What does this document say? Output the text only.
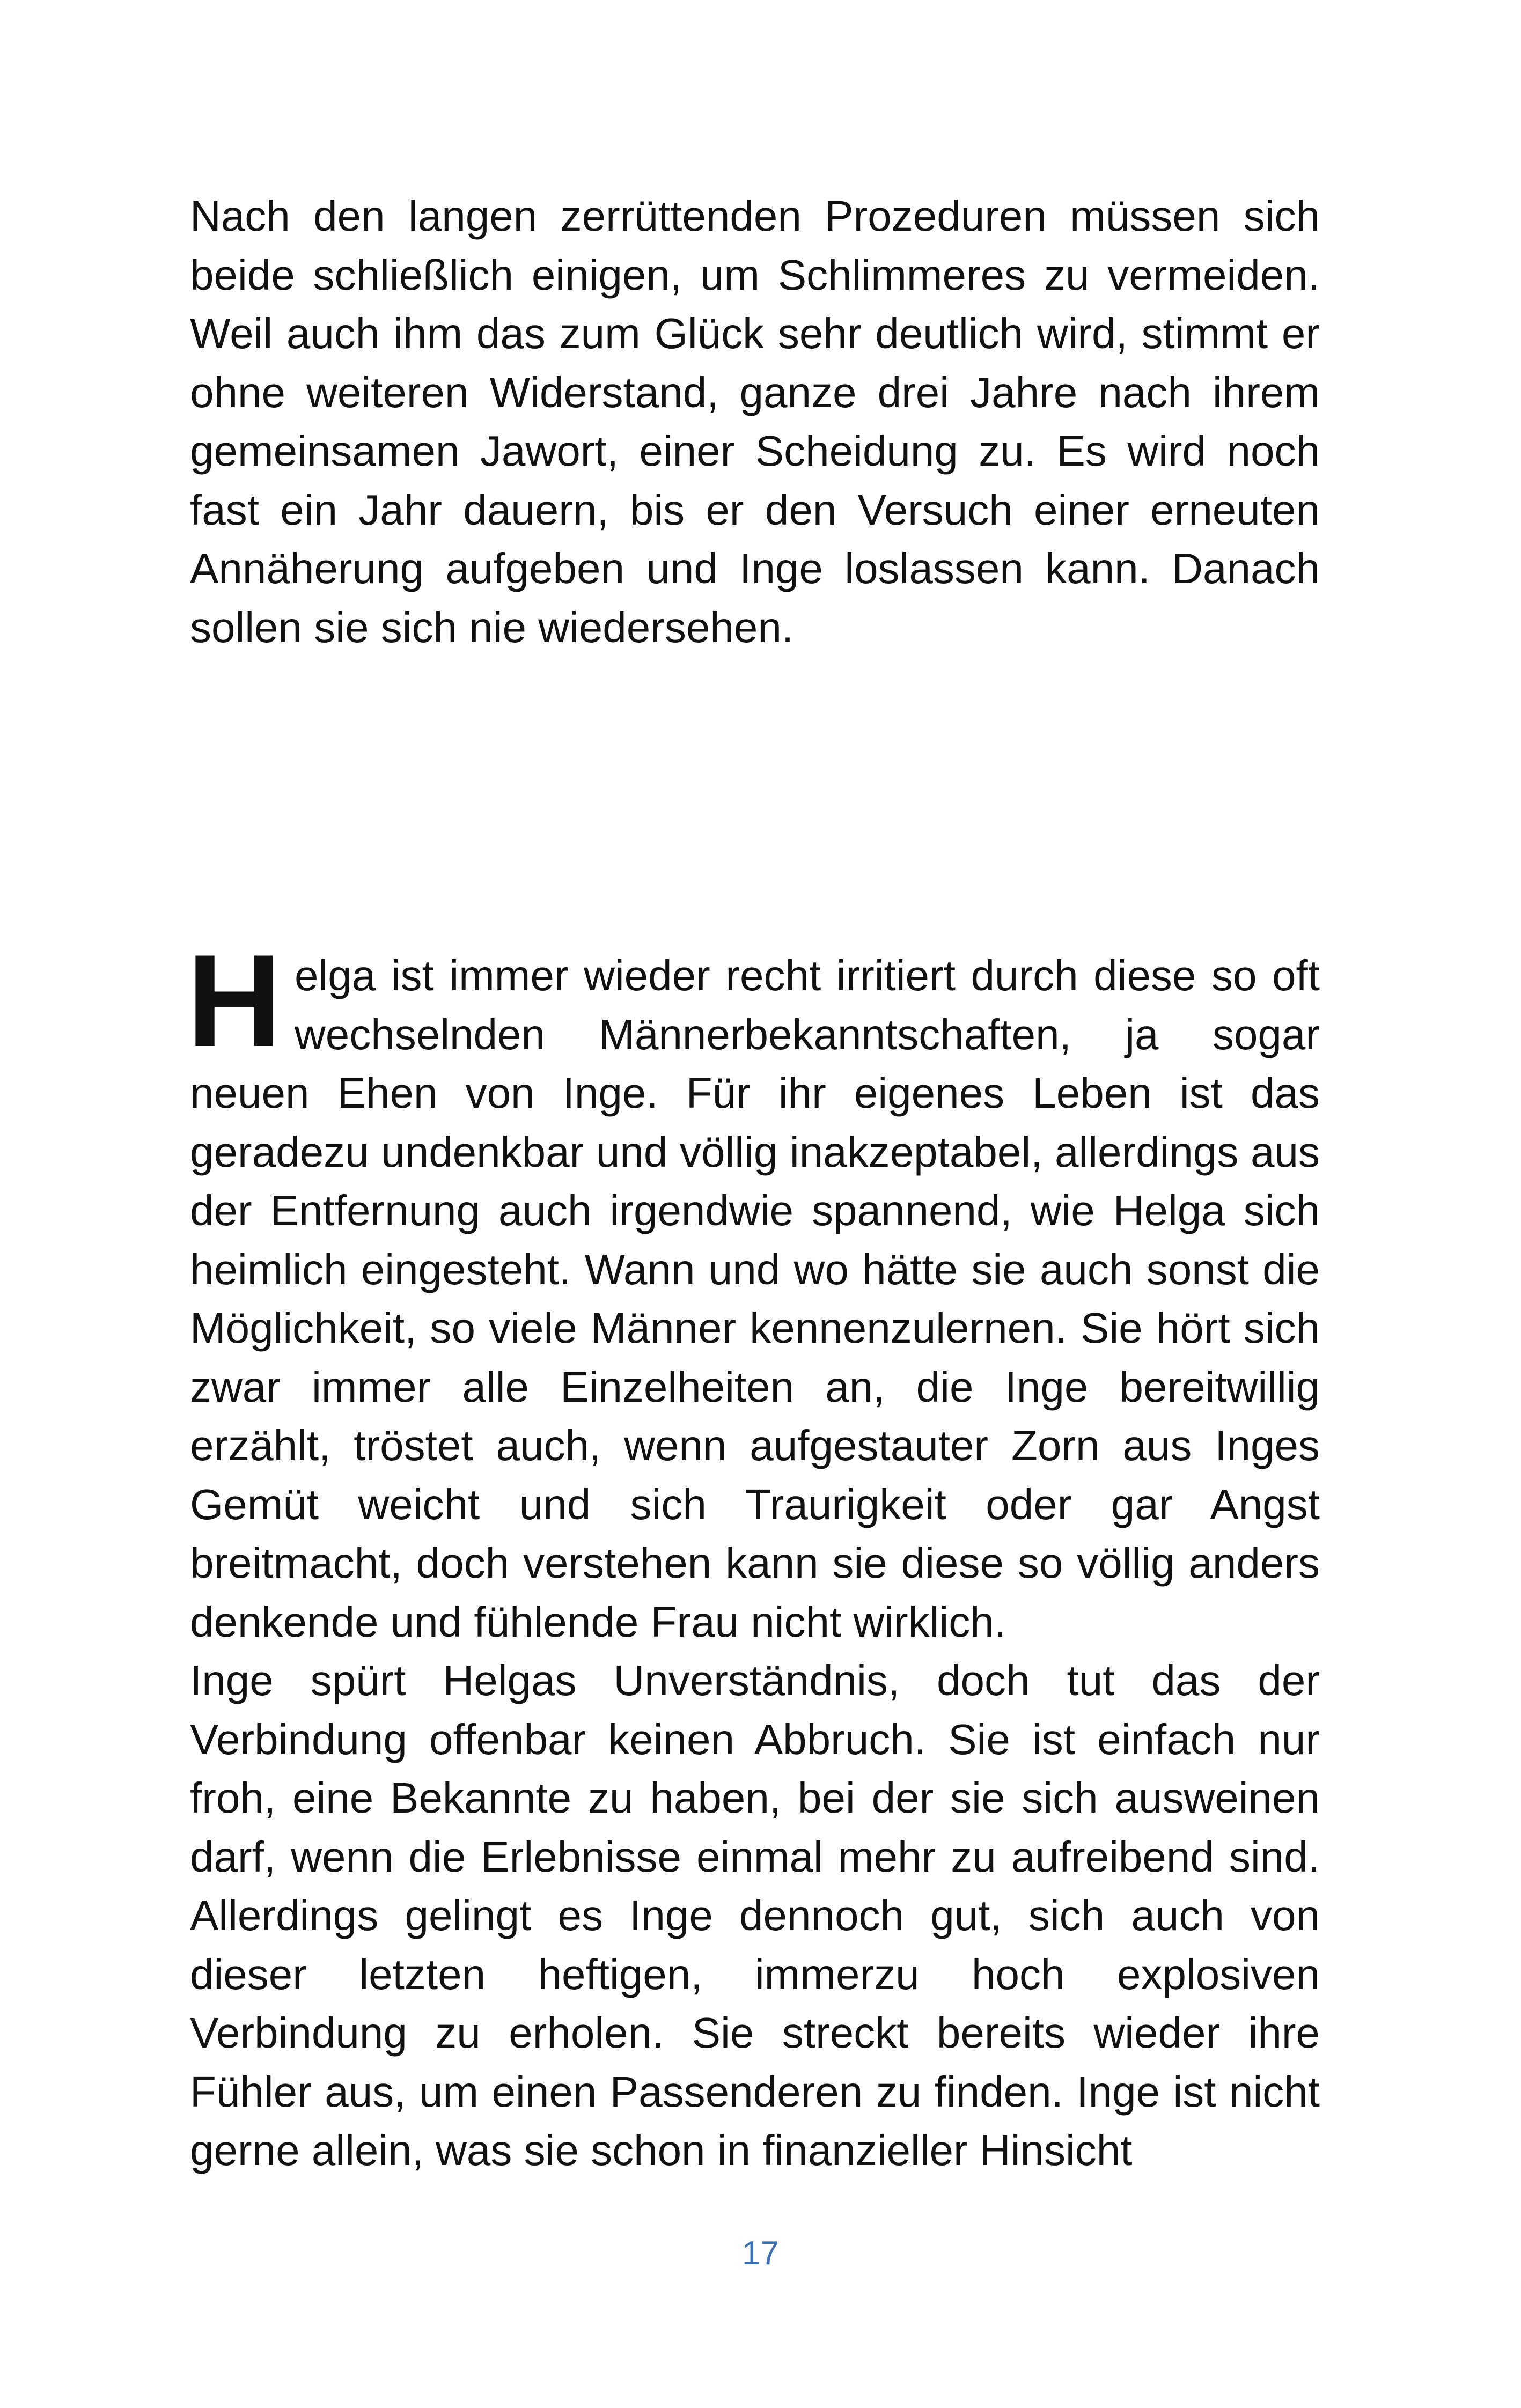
Nach den langen zerrüttenden Prozeduren müssen sich beide schließlich einigen, um Schlimmeres zu vermeiden. Weil auch ihm das zum Glück sehr deutlich wird, stimmt er ohne weiteren Widerstand, ganze drei Jahre nach ihrem gemeinsamen Jawort, einer Scheidung zu. Es wird noch fast ein Jahr dauern, bis er den Versuch einer erneuten Annäherung aufgeben und Inge loslassen kann. Danach sollen sie sich nie wiedersehen.

Helga ist immer wieder recht irritiert durch diese so oft wechselnden Männerbekanntschaften, ja sogar neuen Ehen von Inge. Für ihr eigenes Leben ist das geradezu undenkbar und völlig inakzeptabel, allerdings aus der Entfernung auch irgendwie spannend, wie Helga sich heimlich eingesteht. Wann und wo hätte sie auch sonst die Möglichkeit, so viele Männer kennenzulernen. Sie hört sich zwar immer alle Einzelheiten an, die Inge bereitwillig erzählt, tröstet auch, wenn aufgestauter Zorn aus Inges Gemüt weicht und sich Traurigkeit oder gar Angst breitmacht, doch verstehen kann sie diese so völlig anders denkende und fühlende Frau nicht wirklich.

Inge spürt Helgas Unverständnis, doch tut das der Verbindung offenbar keinen Abbruch. Sie ist einfach nur froh, eine Bekannte zu haben, bei der sie sich ausweinen darf, wenn die Erlebnisse einmal mehr zu aufreibend sind. Allerdings gelingt es Inge dennoch gut, sich auch von dieser letzten heftigen, immerzu hoch explosiven Verbindung zu erholen. Sie streckt bereits wieder ihre Fühler aus, um einen Passenderen zu finden. Inge ist nicht gerne allein, was sie schon in finanzieller Hinsicht

17
